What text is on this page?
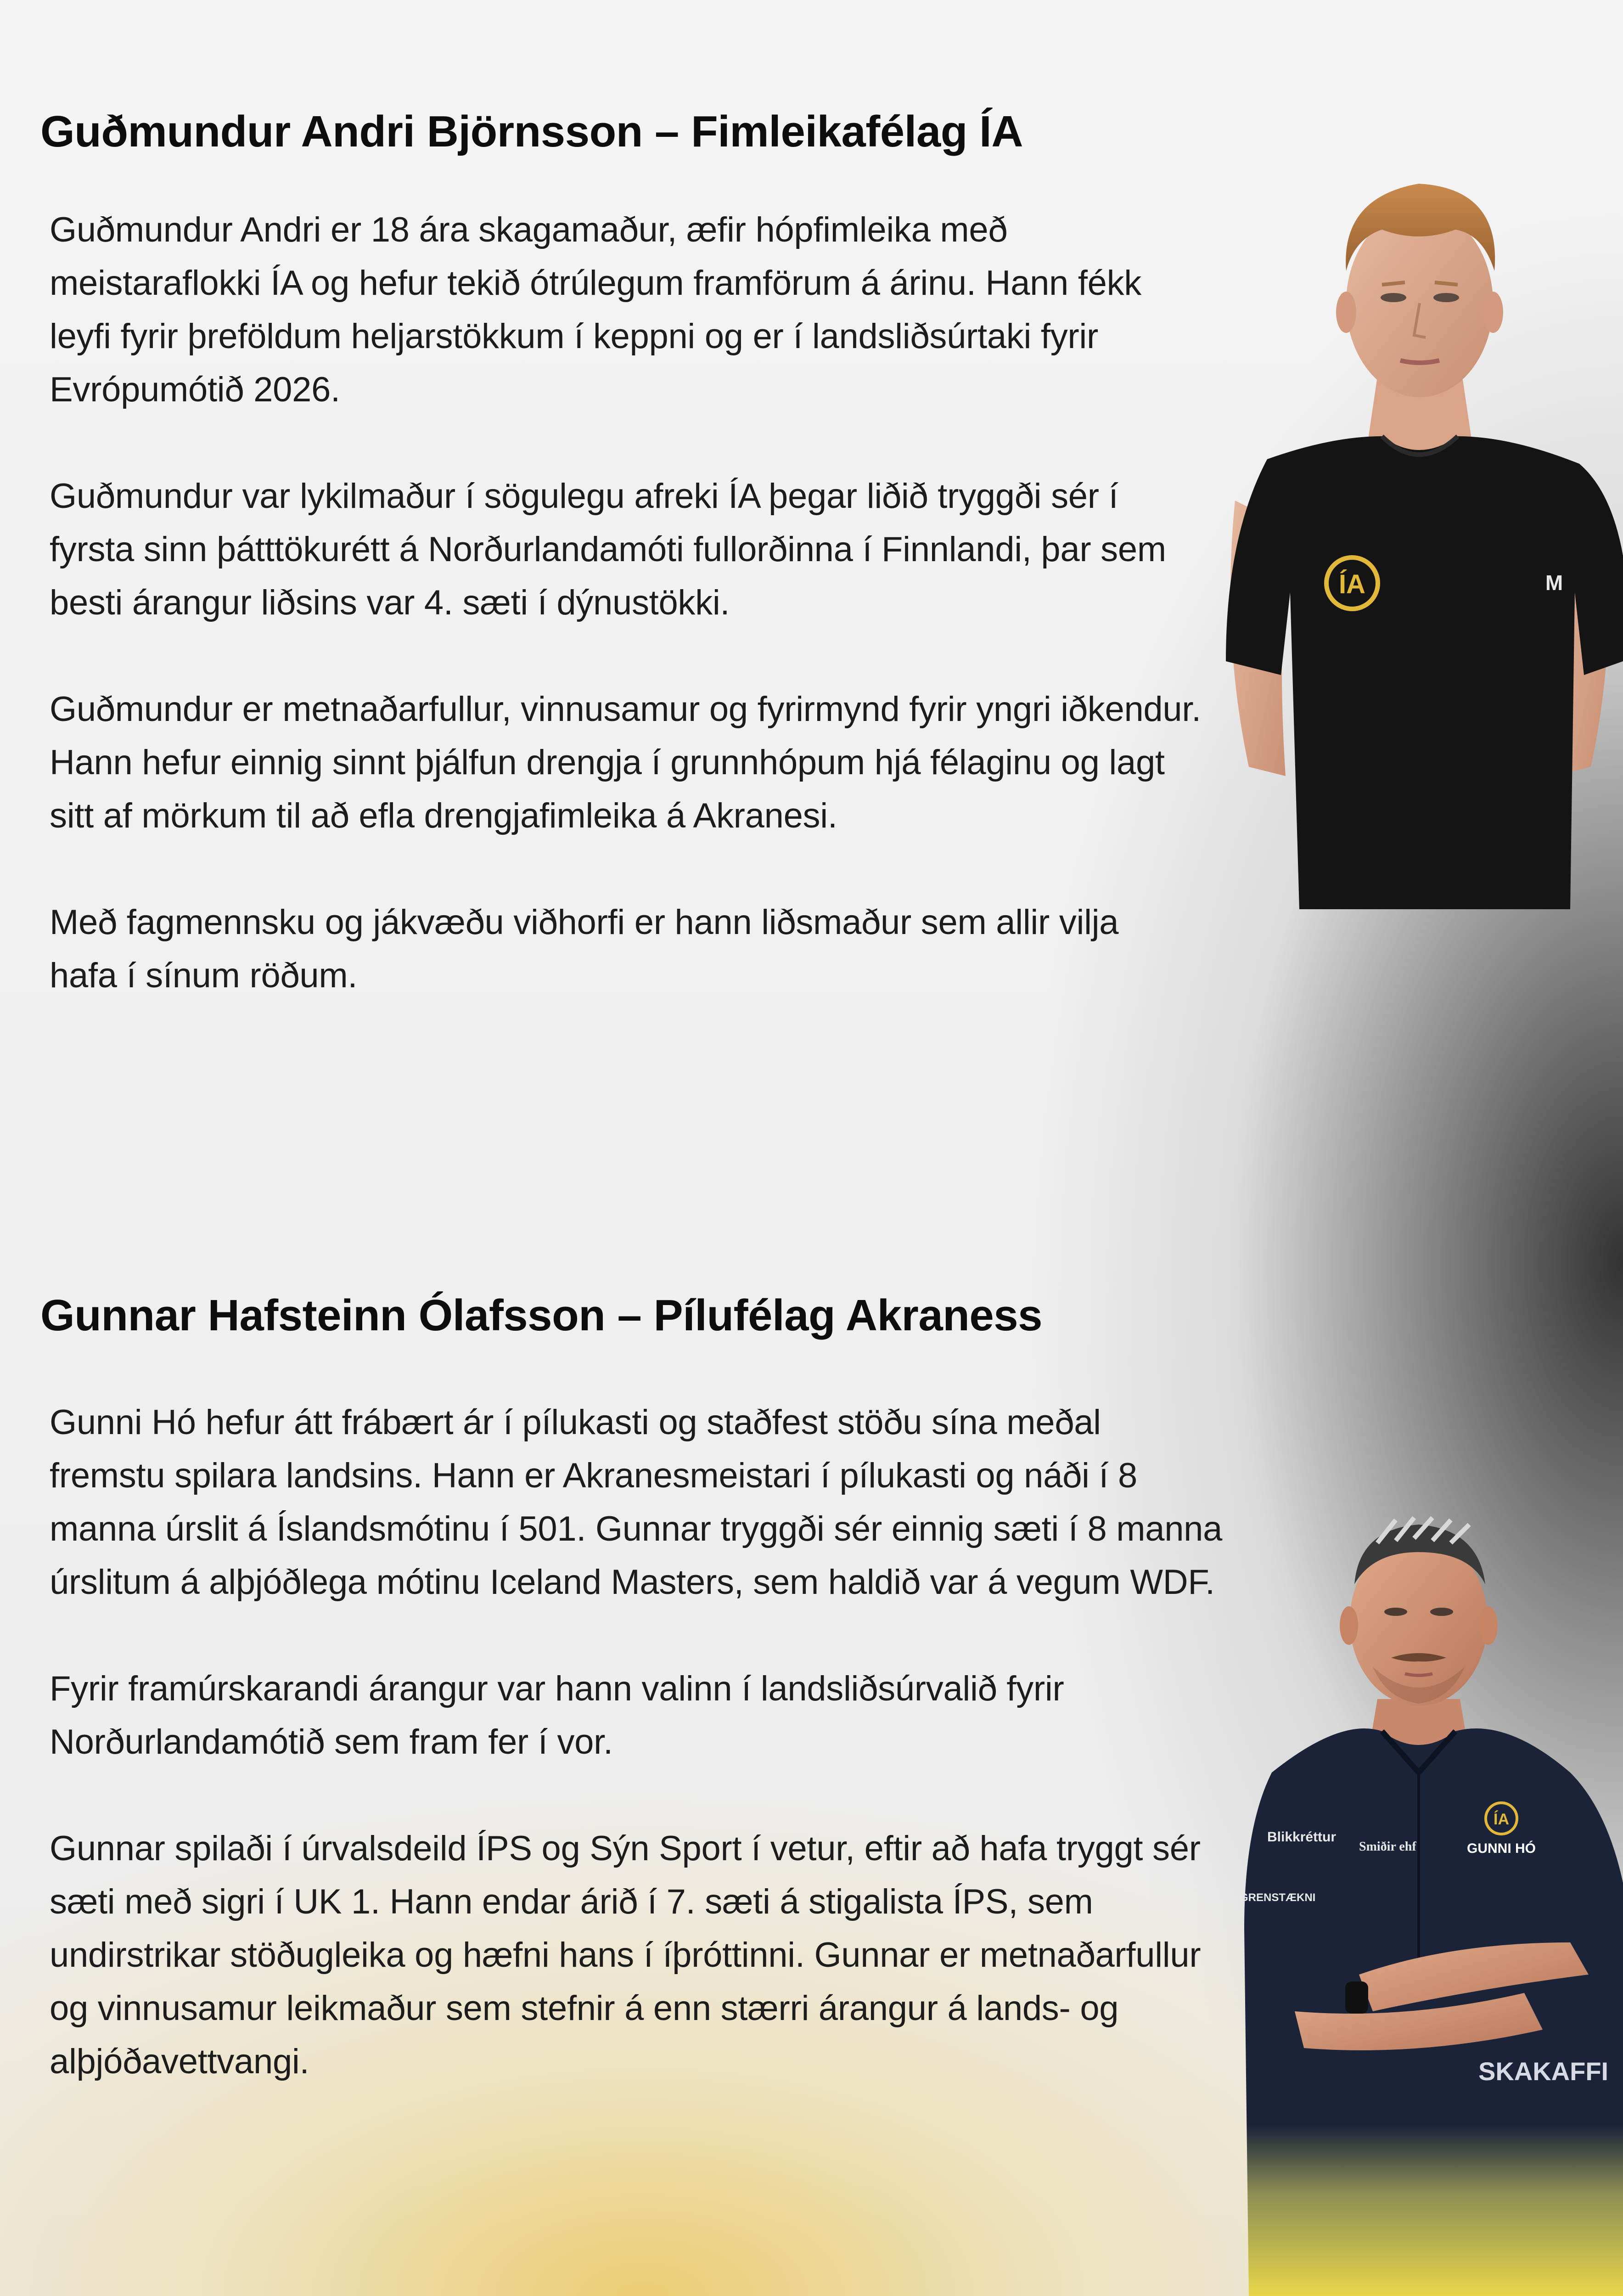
Guðmundur Andri Björnsson – Fimleikafélag ÍA

Guðmundur Andri er 18 ára skagamaður, æfir hópfimleika með meistaraflokki ÍA og hefur tekið ótrúlegum framförum á árinu. Hann fékk leyfi fyrir þreföldum heljarstökkum í keppni og er í landsliðsúrtaki fyrir Evrópumótið 2026.

Guðmundur var lykilmaður í sögulegu afreki ÍA þegar liðið tryggði sér í fyrsta sinn þátttökurétt á Norðurlandamóti fullorðinna í Finnlandi, þar sem besti árangur liðsins var 4. sæti í dýnustökki.

Guðmundur er metnaðarfullur, vinnusamur og fyrirmynd fyrir yngri iðkendur. Hann hefur einnig sinnt þjálfun drengja í grunnhópum hjá félaginu og lagt sitt af mörkum til að efla drengjafimleika á Akranesi.

Með fagmennsku og jákvæðu viðhorfi er hann liðsmaður sem allir vilja hafa í sínum röðum.

ÍA	M
Gunnar Hafsteinn Ólafsson – Pílufélag Akraness

Gunni Hó hefur átt frábært ár í pílukasti og staðfest stöðu sína meðal fremstu spilara landsins. Hann er Akranesmeistari í pílukasti og náði í 8 manna úrslit á Íslandsmótinu í 501. Gunnar tryggði sér einnig sæti í 8 manna úrslitum á alþjóðlega mótinu Iceland Masters, sem haldið var á vegum WDF.

Fyrir framúrskarandi árangur var hann valinn í landsliðsúrvalið fyrir Norðurlandamótið sem fram fer í vor.

Gunnar spilaði í úrvalsdeild ÍPS og Sýn Sport í vetur, eftir að hafa tryggt sér sæti með sigri í UK 1. Hann endar árið í 7. sæti á stigalista ÍPS, sem undirstrikar stöðugleika og hæfni hans í íþróttinni. Gunnar er metnaðarfullur og vinnusamur leikmaður sem stefnir á enn stærri árangur á lands- og alþjóðavettvangi.

Blikkréttur
Smiðir ehf
GRENSTÆKNI
ÍA
GUNNI HÓ
SKAKAFFI
